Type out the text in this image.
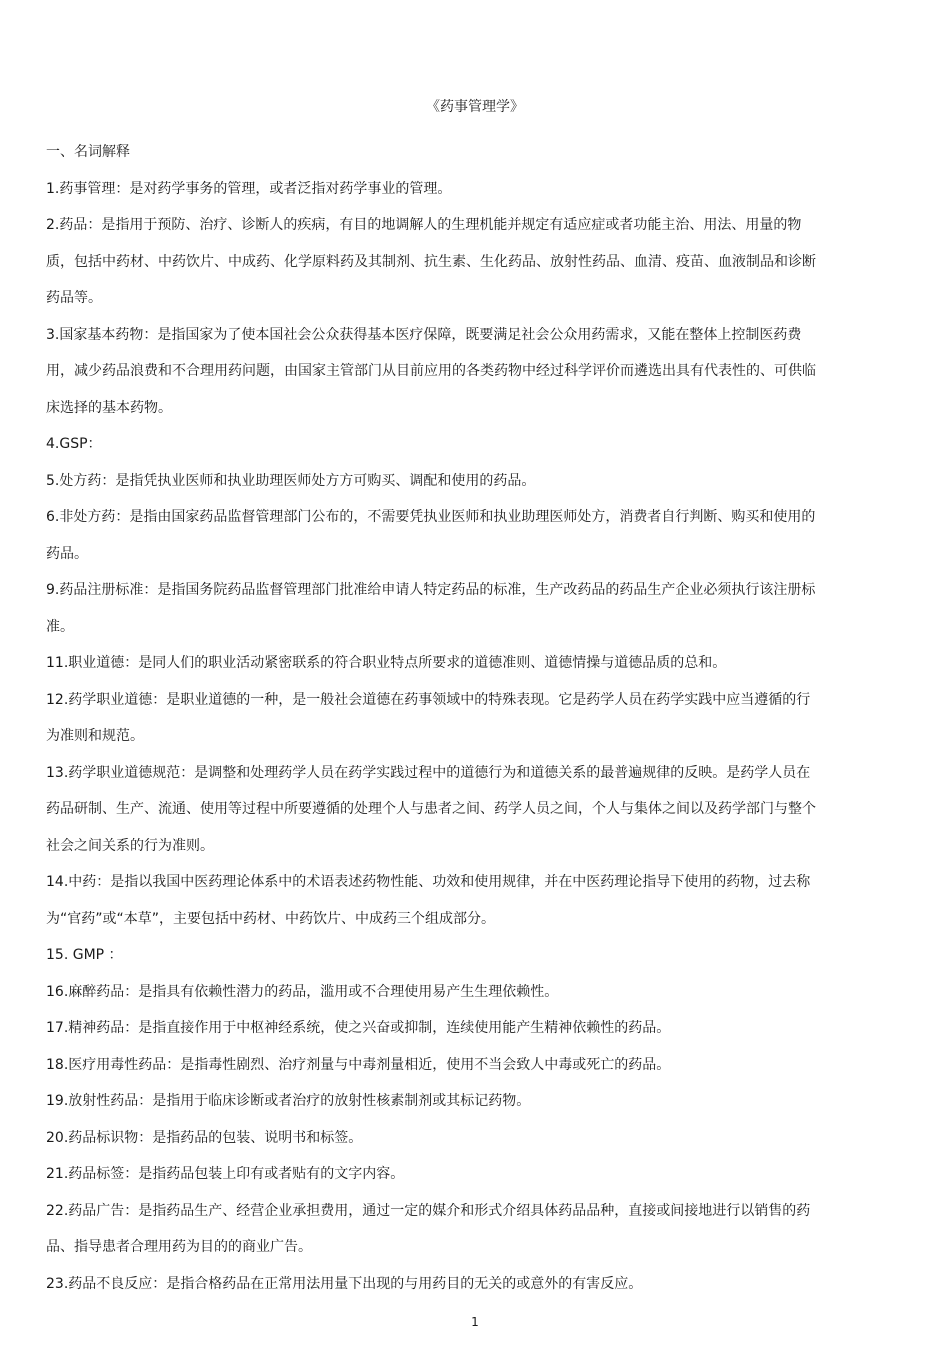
《药事管理学》

一、名词解释

1.药事管理：是对药学事务的管理，或者泛指对药学事业的管理。

2.药品：是指用于预防、治疗、诊断人的疾病，有目的地调解人的生理机能并规定有适应症或者功能主治、用法、用量的物质，包括中药材、中药饮片、中成药、化学原料药及其制剂、抗生素、生化药品、放射性药品、血清、疫苗、血液制品和诊断药品等。

3.国家基本药物：是指国家为了使本国社会公众获得基本医疗保障，既要满足社会公众用药需求，又能在整体上控制医药费用，减少药品浪费和不合理用药问题，由国家主管部门从目前应用的各类药物中经过科学评价而遴选出具有代表性的、可供临床选择的基本药物。

4.GSP：

5.处方药：是指凭执业医师和执业助理医师处方方可购买、调配和使用的药品。

6.非处方药：是指由国家药品监督管理部门公布的，不需要凭执业医师和执业助理医师处方，消费者自行判断、购买和使用的药品。

9.药品注册标准：是指国务院药品监督管理部门批准给申请人特定药品的标准，生产改药品的药品生产企业必须执行该注册标准。

11.职业道德：是同人们的职业活动紧密联系的符合职业特点所要求的道德准则、道德情操与道德品质的总和。

12.药学职业道德：是职业道德的一种，是一般社会道德在药事领域中的特殊表现。它是药学人员在药学实践中应当遵循的行为准则和规范。

13.药学职业道德规范：是调整和处理药学人员在药学实践过程中的道德行为和道德关系的最普遍规律的反映。是药学人员在药品研制、生产、流通、使用等过程中所要遵循的处理个人与患者之间、药学人员之间，个人与集体之间以及药学部门与整个社会之间关系的行为准则。

14.中药：是指以我国中医药理论体系中的术语表述药物性能、功效和使用规律，并在中医药理论指导下使用的药物，过去称为“官药”或“本草”，主要包括中药材、中药饮片、中成药三个组成部分。

15. GMP ：

16.麻醉药品：是指具有依赖性潜力的药品，滥用或不合理使用易产生生理依赖性。

17.精神药品：是指直接作用于中枢神经系统，使之兴奋或抑制，连续使用能产生精神依赖性的药品。

18.医疗用毒性药品：是指毒性剧烈、治疗剂量与中毒剂量相近，使用不当会致人中毒或死亡的药品。

19.放射性药品：是指用于临床诊断或者治疗的放射性核素制剂或其标记药物。

20.药品标识物：是指药品的包装、说明书和标签。

21.药品标签：是指药品包装上印有或者贴有的文字内容。

22.药品广告：是指药品生产、经营企业承担费用，通过一定的媒介和形式介绍具体药品品种，直接或间接地进行以销售的药品、指导患者合理用药为目的的商业广告。

23.药品不良反应：是指合格药品在正常用法用量下出现的与用药目的无关的或意外的有害反应。

1
